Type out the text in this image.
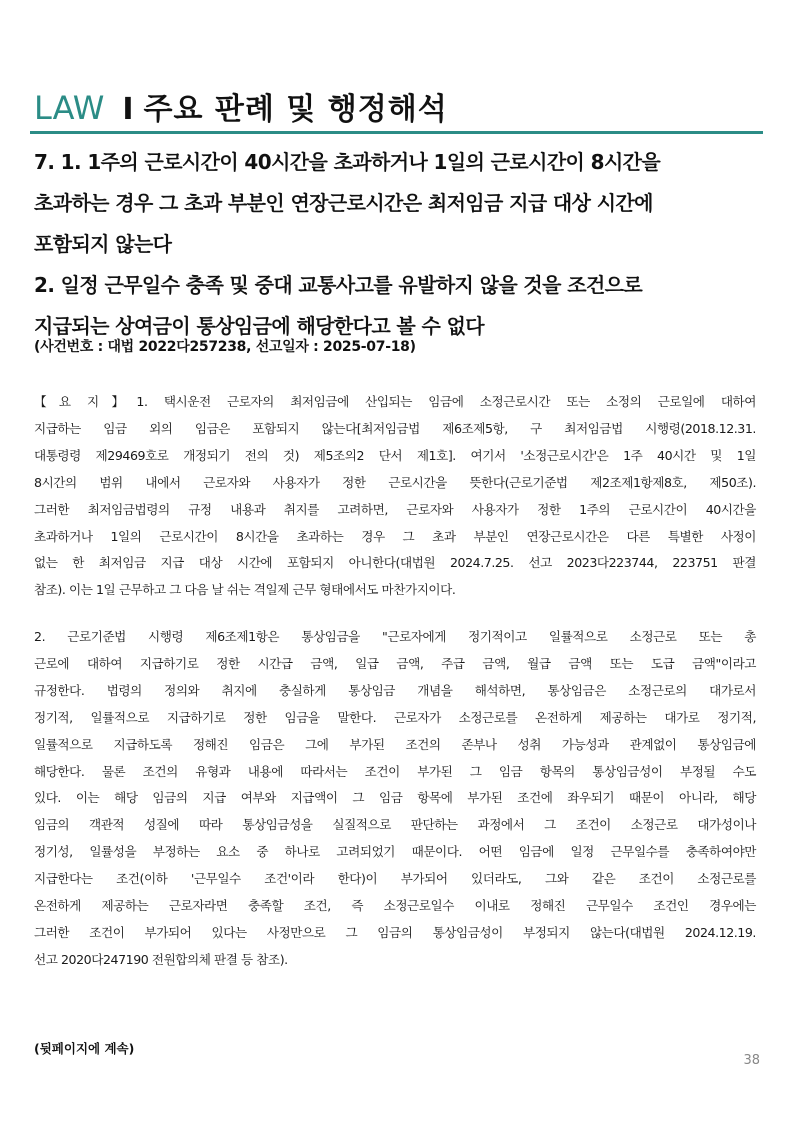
LAW I 주요 판례 및 행정해석

7. 1. 1주의 근로시간이 40시간을 초과하거나 1일의 근로시간이 8시간을

초과하는 경우 그 초과 부분인 연장근로시간은 최저임금 지급 대상 시간에

포함되지 않는다

2. 일정 근무일수 충족 및 중대 교통사고를 유발하지 않을 것을 조건으로

지급되는 상여금이 통상임금에 해당한다고 볼 수 없다

(사건번호 : 대법 2022다257238, 선고일자 : 2025-07-18)
【요 지】1. 택시운전 근로자의 최저임금에 산입되는 임금에 소정근로시간 또는 소정의 근로일에 대하여
지급하는 임금 외의 임금은 포함되지 않는다[최저임금법 제6조제5항, 구 최저임금법 시행령(2018.12.31.
대통령령 제29469호로 개정되기 전의 것) 제5조의2 단서 제1호]. 여기서 '소정근로시간'은 1주 40시간 및 1일
8시간의 범위 내에서 근로자와 사용자가 정한 근로시간을 뜻한다(근로기준법 제2조제1항제8호, 제50조).
그러한 최저임금법령의 규정 내용과 취지를 고려하면, 근로자와 사용자가 정한 1주의 근로시간이 40시간을
초과하거나 1일의 근로시간이 8시간을 초과하는 경우 그 초과 부분인 연장근로시간은 다른 특별한 사정이
없는 한 최저임금 지급 대상 시간에 포함되지 아니한다(대법원 2024.7.25. 선고 2023다223744, 223751 판결
참조). 이는 1일 근무하고 그 다음 날 쉬는 격일제 근무 형태에서도 마찬가지이다.
2. 근로기준법 시행령 제6조제1항은 통상임금을 "근로자에게 정기적이고 일률적으로 소정근로 또는 총
근로에 대하여 지급하기로 정한 시간급 금액, 일급 금액, 주급 금액, 월급 금액 또는 도급 금액"이라고
규정한다. 법령의 정의와 취지에 충실하게 통상임금 개념을 해석하면, 통상임금은 소정근로의 대가로서
정기적, 일률적으로 지급하기로 정한 임금을 말한다. 근로자가 소정근로를 온전하게 제공하는 대가로 정기적,
일률적으로 지급하도록 정해진 임금은 그에 부가된 조건의 존부나 성취 가능성과 관계없이 통상임금에
해당한다. 물론 조건의 유형과 내용에 따라서는 조건이 부가된 그 임금 항목의 통상임금성이 부정될 수도
있다. 이는 해당 임금의 지급 여부와 지급액이 그 임금 항목에 부가된 조건에 좌우되기 때문이 아니라, 해당
임금의 객관적 성질에 따라 통상임금성을 실질적으로 판단하는 과정에서 그 조건이 소정근로 대가성이나
정기성, 일률성을 부정하는 요소 중 하나로 고려되었기 때문이다. 어떤 임금에 일정 근무일수를 충족하여야만
지급한다는 조건(이하 '근무일수 조건'이라 한다)이 부가되어 있더라도, 그와 같은 조건이 소정근로를
온전하게 제공하는 근로자라면 충족할 조건, 즉 소정근로일수 이내로 정해진 근무일수 조건인 경우에는
그러한 조건이 부가되어 있다는 사정만으로 그 임금의 통상임금성이 부정되지 않는다(대법원 2024.12.19.
선고 2020다247190 전원합의체 판결 등 참조).
(뒷페이지에 계속)
38
